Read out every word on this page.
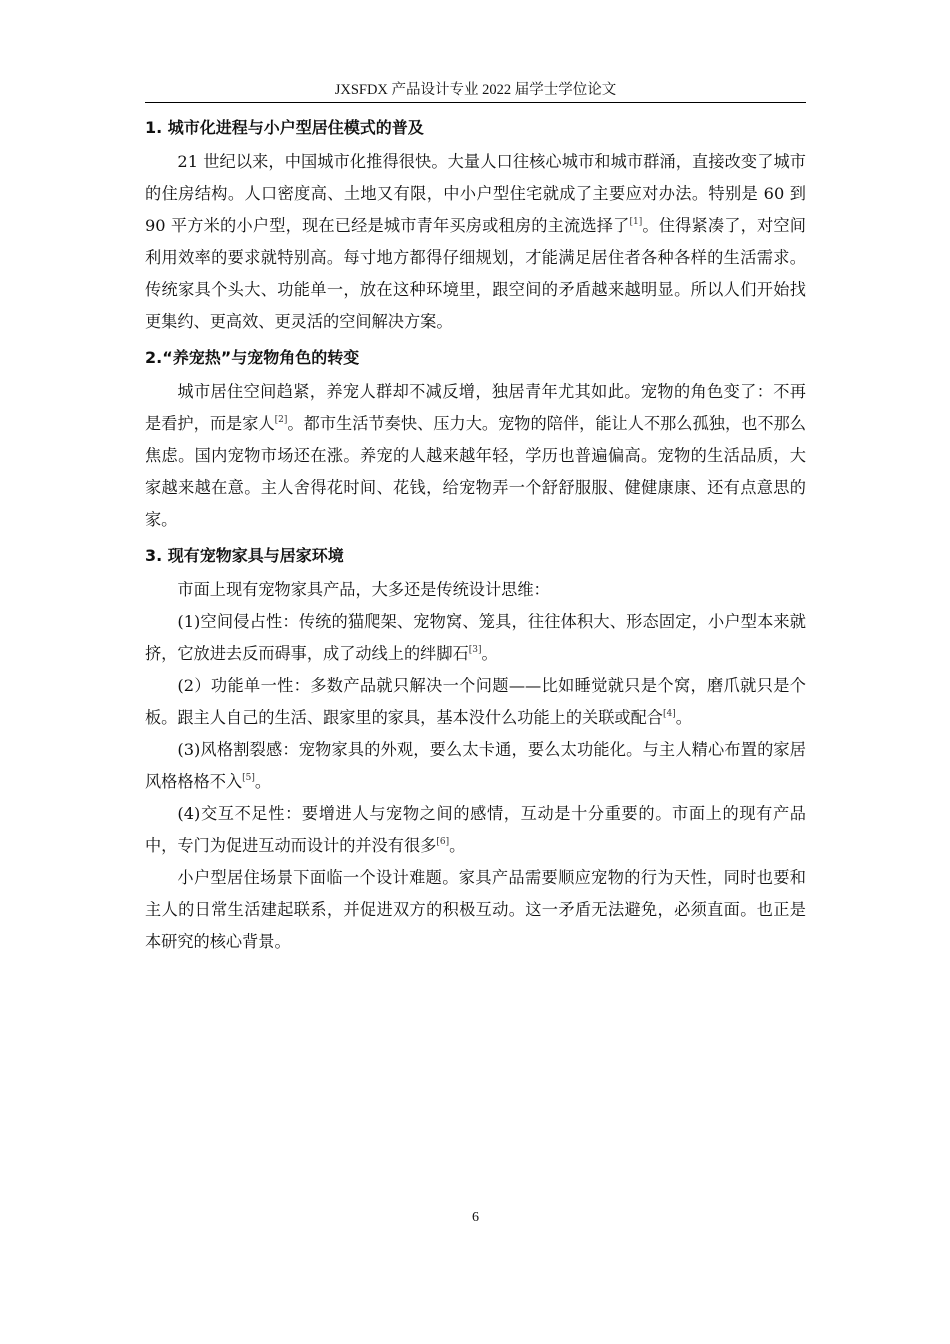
JXSFDX 产品设计专业 2022 届学士学位论文
1. 城市化进程与小户型居住模式的普及

21 世纪以来，中国城市化推得很快。大量人口往核心城市和城市群涌，直接改变了城市的住房结构。人口密度高、土地又有限，中小户型住宅就成了主要应对办法。特别是 60 到 90 平方米的小户型，现在已经是城市青年买房或租房的主流选择了[1]。住得紧凑了，对空间利用效率的要求就特别高。每寸地方都得仔细规划，才能满足居住者各种各样的生活需求。传统家具个头大、功能单一，放在这种环境里，跟空间的矛盾越来越明显。所以人们开始找更集约、更高效、更灵活的空间解决方案。

2.“养宠热”与宠物角色的转变

城市居住空间趋紧，养宠人群却不减反增，独居青年尤其如此。宠物的角色变了：不再是看护，而是家人[2]。都市生活节奏快、压力大。宠物的陪伴，能让人不那么孤独，也不那么焦虑。国内宠物市场还在涨。养宠的人越来越年轻，学历也普遍偏高。宠物的生活品质，大家越来越在意。主人舍得花时间、花钱，给宠物弄一个舒舒服服、健健康康、还有点意思的家。

3. 现有宠物家具与居家环境

市面上现有宠物家具产品，大多还是传统设计思维：

(1)空间侵占性：传统的猫爬架、宠物窝、笼具，往往体积大、形态固定，小户型本来就挤，它放进去反而碍事，成了动线上的绊脚石[3]。

(2）功能单一性：多数产品就只解决一个问题——比如睡觉就只是个窝，磨爪就只是个板。跟主人自己的生活、跟家里的家具，基本没什么功能上的关联或配合[4]。

(3)风格割裂感：宠物家具的外观，要么太卡通，要么太功能化。与主人精心布置的家居风格格格不入[5]。

(4)交互不足性：要增进人与宠物之间的感情，互动是十分重要的。市面上的现有产品中，专门为促进互动而设计的并没有很多[6]。

小户型居住场景下面临一个设计难题。家具产品需要顺应宠物的行为天性，同时也要和主人的日常生活建起联系，并促进双方的积极互动。这一矛盾无法避免，必须直面。也正是本研究的核心背景。

6
